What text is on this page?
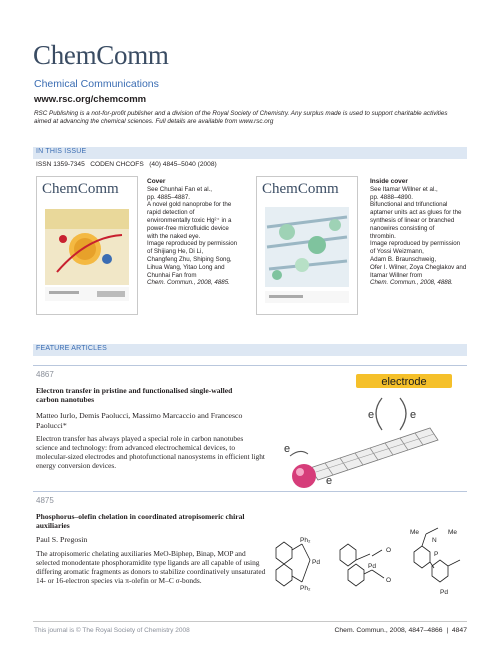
ChemComm
Chemical Communications
www.rsc.org/chemcomm
RSC Publishing is a not-for-profit publisher and a division of the Royal Society of Chemistry. Any surplus made is used to support charitable activities aimed at advancing the chemical sciences. Full details are available from www.rsc.org
IN THIS ISSUE
ISSN 1359-7345   CODEN CHCOFS   (40) 4845–5040 (2008)
ChemComm	Cover
See Chunhai Fan et al.,
pp. 4885–4887.
A novel gold nanoprobe for the
rapid detection of
environmentally toxic Hg²⁺ in a
power-free microfluidic device
with the naked eye.
Image reproduced by permission
of Shijiang He, Di Li,
Changfeng Zhu, Shiping Song,
Lihua Wang, Yitao Long and
Chunhai Fan from
Chem. Commun., 2008, 4885.
ChemComm	Inside cover
See Itamar Willner et al.,
pp. 4888–4890.
Bifunctional and trifunctional
aptamer units act as glues for the
synthesis of linear or branched
nanowires consisting of
thrombin.
Image reproduced by permission
of Yossi Weizmann,
Adam B. Braunschweig,
Ofer I. Wilner, Zoya Cheglakov and
Itamar Willner from
Chem. Commun., 2008, 4888.
FEATURE ARTICLES
4867
Electron transfer in pristine and functionalised single-walled carbon nanotubes
Matteo Iurlo, Demis Paolucci, Massimo Marcaccio and Francesco Paolucci*
Electron transfer has always played a special role in carbon nanotubes science and technology: from advanced electrochemical devices, to molecular-sized electrodes and photofunctional nanosystems in efficient light energy conversion devices.
electrode
e	e
e
e
4875
Phosphorus–olefin chelation in coordinated atropisomeric chiral auxiliaries
Paul S. Pregosin
The atropisomeric chelating auxiliaries MeO-Biphep, Binap, MOP and selected monodentate phosphoramidite type ligands are all capable of using differing aromatic fragments as donors to stabilize coordinatively unsaturated 14- or 16-electron species via π-olefin or M–C σ-bonds.
Ph₂
Pd
Ph₂
Pd
O
O
Me	Me
N
P
Pd
This journal is © The Royal Society of Chemistry 2008	Chem. Commun., 2008, 4847–4866  |  4847
